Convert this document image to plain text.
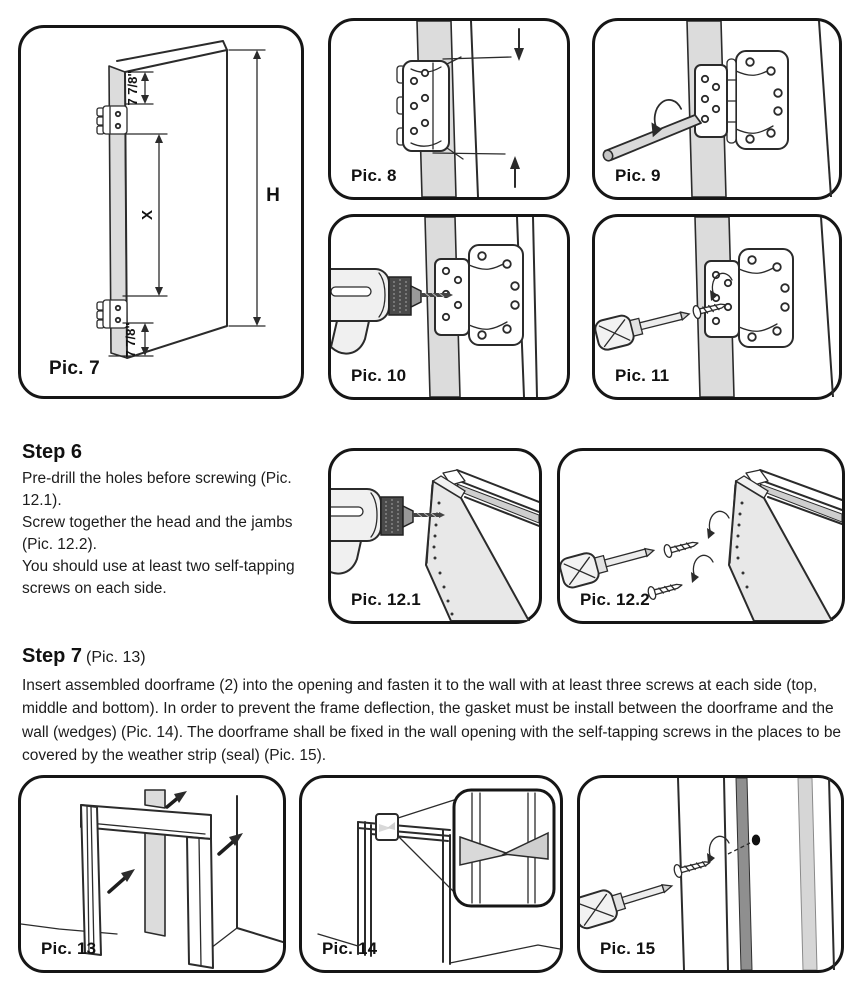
7 7/8"
X
7 7/8"
H
Pic. 7
Pic. 8	Pic. 9
Pic. 10	Pic. 11
Step 6
Pre-drill the holes before screwing (Pic. 12.1).
Screw together the head and the jambs
(Pic. 12.2).
You should use at least two self-tapping
screws on each side.
Pic. 12.1	Pic. 12.2
Step 7 (Pic. 13)
Insert assembled doorframe (2) into the opening and fasten it to the wall with at least three screws at each side (top, middle and bottom). In order to prevent the frame deflection, the gasket must be install between the doorframe and the wall (wedges) (Pic. 14). The doorframe shall be fixed in the wall opening with the self-tapping screws in the places to be covered by the weather strip (seal) (Pic. 15).
Pic. 13	Pic. 14	Pic. 15
